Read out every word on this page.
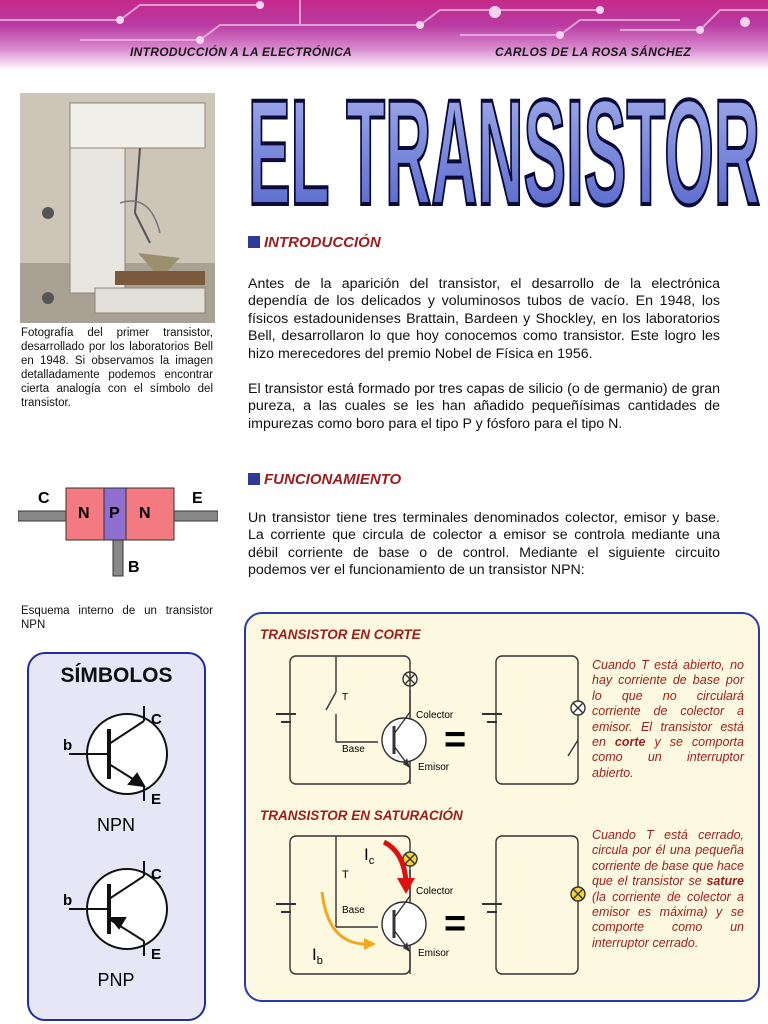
INTRODUCCIÓN A LA ELECTRÓNICA	CARLOS DE LA ROSA SÁNCHEZ
EL TRANSISTOR
Fotografía del primer transistor, desarrollado por los laboratorios Bell en 1948. Si observamos la imagen detalladamente podemos encontrar cierta analogía con el símbolo del transistor.
C	E
B
N P N
Esquema interno de un transistor NPN
SÍMBOLOS
b
C
E
NPN
b
C
E
PNP
INTRODUCCIÓN
Antes de la aparición del transistor, el desarrollo de la electrónica dependía de los delicados y voluminosos tubos de vacío. En 1948, los físicos estadounidenses Brattain, Bardeen y Shockley, en los laboratorios Bell, desarrollaron lo que hoy conocemos como transistor. Este logro les hizo merecedores del premio Nobel de Física en 1956.
El transistor está formado por tres capas de silicio (o de germanio) de gran pureza, a las cuales se les han añadido pequeñísimas cantidades de impurezas como boro para el tipo P y fósforo para el tipo N.
FUNCIONAMIENTO
Un transistor tiene tres terminales denominados colector, emisor y base. La corriente que circula de colector a emisor se controla mediante una débil corriente de base o de control. Mediante el siguiente circuito podemos ver el funcionamiento de un transistor NPN:
TRANSISTOR EN CORTE
TRANSISTOR EN SATURACIÓN
T
Colector
Base
Emisor
=
Cuando T está abierto, no hay corriente de base por lo que no circulará corriente de colector a emisor. El transistor está en corte y se comporta como un interruptor abierto.
$I_c$
$I_b$
T
Colector
Base
Emisor
=
Cuando T está cerrado, circula por él una pequeña corriente de base que hace que el transistor se sature (la corriente de colector a emisor es máxima) y se comporte como un interruptor cerrado.
